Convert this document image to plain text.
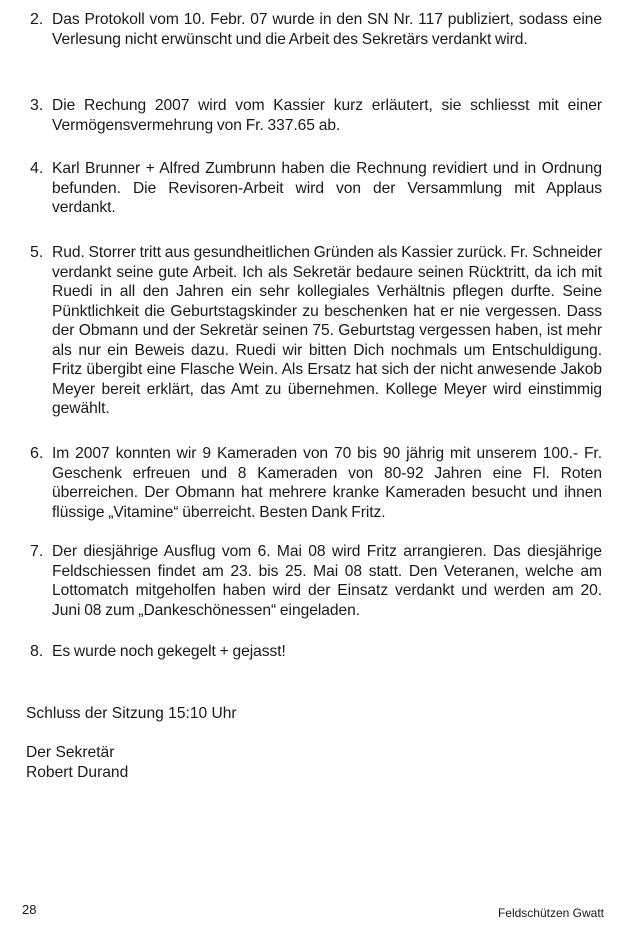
2. Das Protokoll vom 10. Febr. 07 wurde in den SN Nr. 117 publiziert, sodass eine Verlesung nicht erwünscht und die Arbeit des Sekretärs verdankt wird.
3. Die Rechung 2007 wird vom Kassier kurz erläutert, sie schliesst mit einer Vermögensvermehrung von Fr. 337.65 ab.
4. Karl Brunner + Alfred Zumbrunn haben die Rechnung revidiert und in Ordnung befunden. Die Revisoren-Arbeit wird von der Versammlung mit Applaus verdankt.
5. Rud. Storrer tritt aus gesundheitlichen Gründen als Kassier zurück. Fr. Schneider verdankt seine gute Arbeit. Ich als Sekretär bedaure seinen Rücktritt, da ich mit Ruedi in all den Jahren ein sehr kollegiales Verhältnis pflegen durfte. Seine Pünktlichkeit die Geburtstagskinder zu beschenken hat er nie vergessen. Dass der Obmann und der Sekretär seinen 75. Geburtstag vergessen haben, ist mehr als nur ein Beweis dazu. Ruedi wir bitten Dich nochmals um Entschuldigung. Fritz übergibt eine Flasche Wein. Als Ersatz hat sich der nicht anwesende Jakob Meyer bereit erklärt, das Amt zu übernehmen. Kollege Meyer wird einstimmig gewählt.
6. Im 2007 konnten wir 9 Kameraden von 70 bis 90 jährig mit unserem 100.- Fr. Geschenk erfreuen und 8 Kameraden von 80-92 Jahren eine Fl. Roten überreichen. Der Obmann hat mehrere kranke Kameraden besucht und ihnen flüssige „Vitamine“ überreicht. Besten Dank Fritz.
7. Der diesjährige Ausflug vom 6. Mai 08 wird Fritz arrangieren. Das diesjährige Feldschiessen findet am 23. bis 25. Mai 08 statt. Den Veteranen, welche am Lottomatch mitgeholfen haben wird der Einsatz verdankt und werden am 20. Juni 08 zum „Dankeschönessen“ eingeladen.
8. Es wurde noch gekegelt + gejasst!
Schluss der Sitzung 15:10 Uhr
Der Sekretär
Robert Durand
28	Feldschützen Gwatt
